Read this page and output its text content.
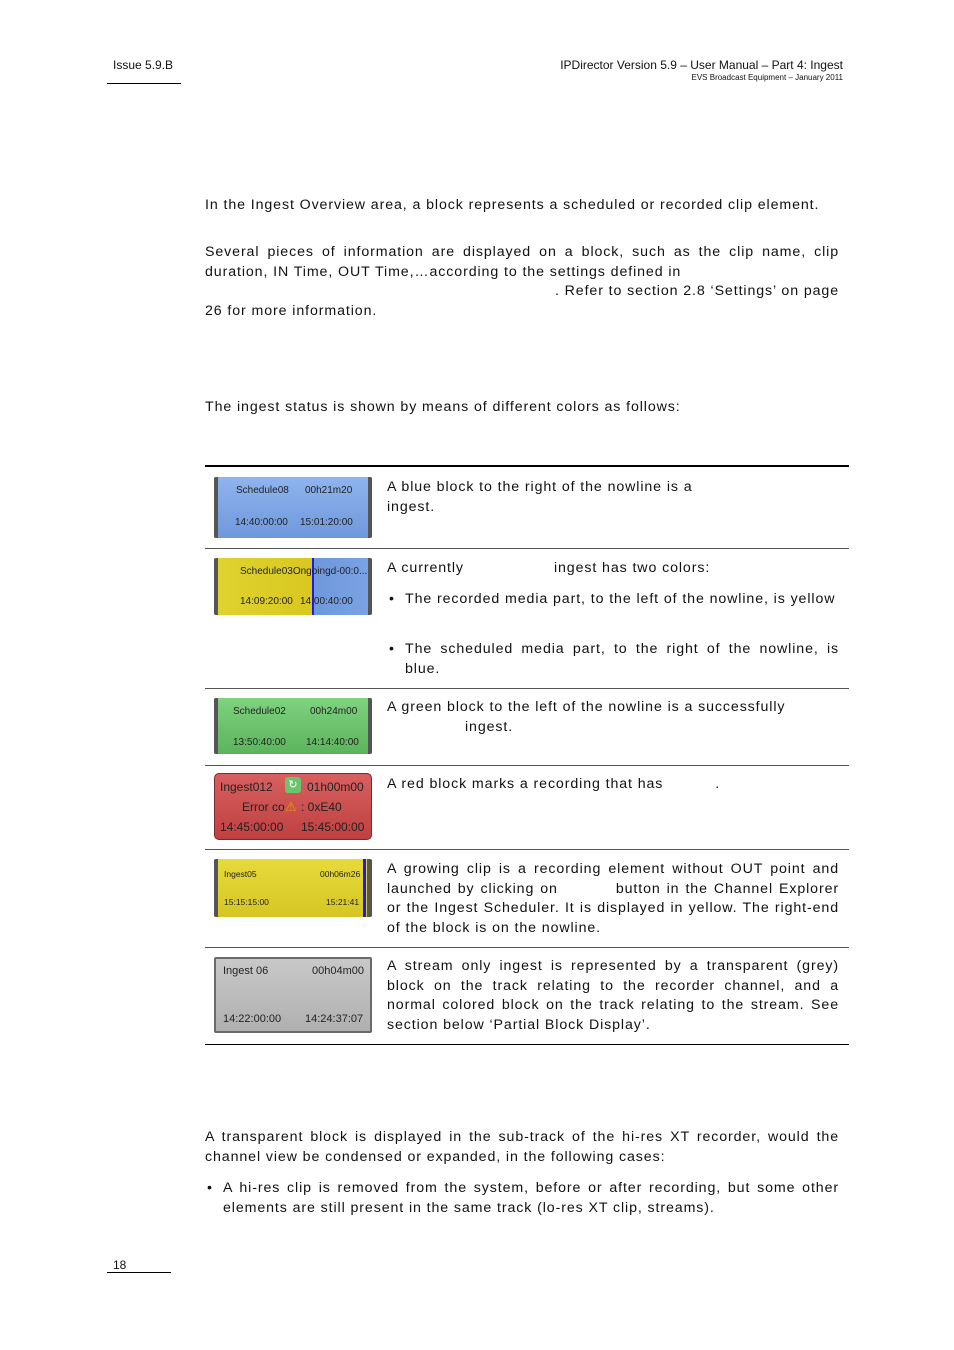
Issue 5.9.B	IPDirector Version 5.9 – User Manual – Part 4: Ingest
EVS Broadcast Equipment – January 2011

In the Ingest Overview area, a block represents a scheduled or recorded clip element.

Several pieces of information are displayed on a block, such as the clip name, clip duration, IN Time, OUT Time,…according to the settings defined in
. Refer to section 2.8 ‘Settings’ on page
26 for more information.

The ingest status is shown by means of different colors as follows:

Schedule08 00h21m20
14:40:00:00 15:01:20:00
A blue block to the right of the nowline is a
ingest.
Schedule03Ongoingd-00:0...
14:09:20:00 14:00:40:00
A currently	ingest has two colors:
• The recorded media part, to the left of the nowline, is yellow
• The scheduled media part, to the right of the nowline, is blue.
Schedule02 00h24m00
13:50:40:00 14:14:40:00
A green block to the left of the nowline is a successfully
ingest.
Ingest012	↻ 01h00m00
Error co ⚠ : 0xE40
14:45:00:00 15:45:00:00
A red block marks a recording that has	.
Ingest05	00h06m26
15:15:15:00	15:21:41
A growing clip is a recording element without OUT point and launched by clicking on	button in the Channel Explorer or the Ingest Scheduler. It is displayed in yellow. The right-end of the block is on the nowline.
Ingest 06	00h04m00
14:22:00:00 14:24:37:07
A stream only ingest is represented by a transparent (grey) block on the track relating to the recorder channel, and a normal colored block on the track relating to the stream. See section below ‘Partial Block Display’.

A transparent block is displayed in the sub-track of the hi-res XT recorder, would the channel view be condensed or expanded, in the following cases:

• A hi-res clip is removed from the system, before or after recording, but some other elements are still present in the same track (lo-res XT clip, streams).
18
